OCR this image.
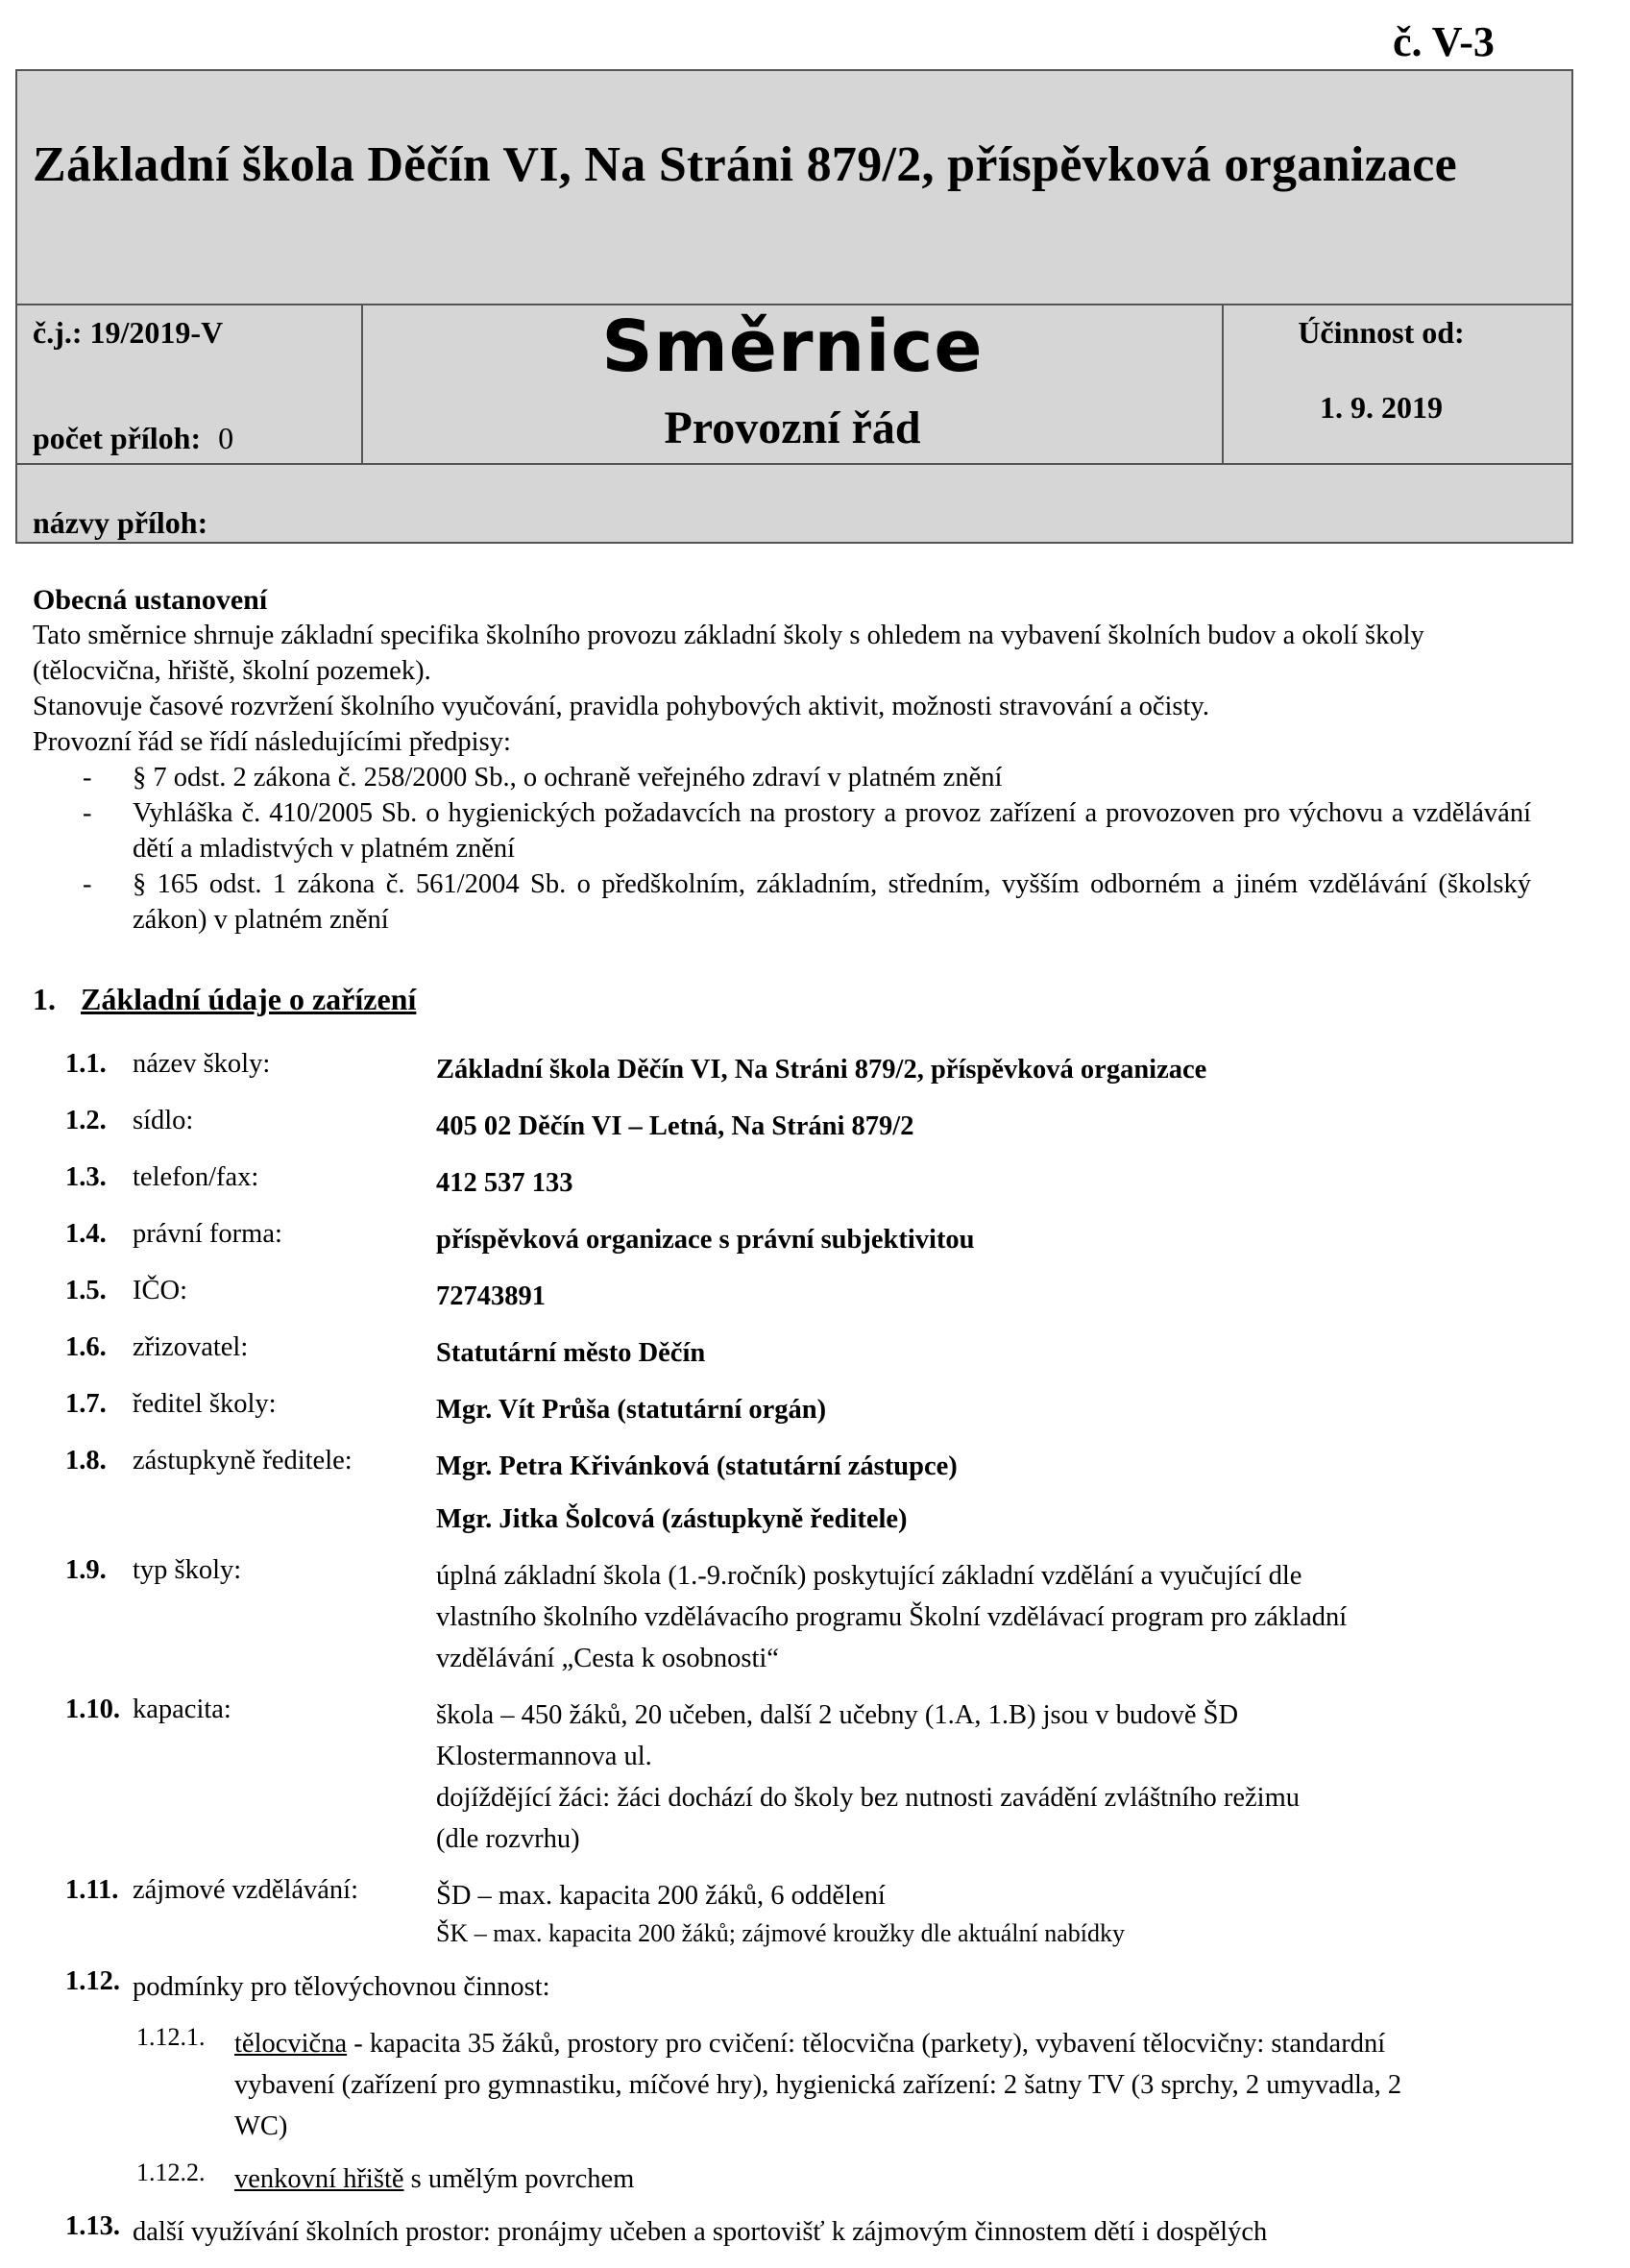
č. V-3
Základní škola Děčín VI, Na Stráni 879/2, příspěvková organizace
č.j.: 19/2019-V
počet příloh: 0
Směrnice
Provozní řád
Účinnost od:
1. 9. 2019
názvy příloh:
Obecná ustanovení

Tato směrnice shrnuje základní specifika školního provozu základní školy s ohledem na vybavení školních budov a okolí školy (tělocvična, hřiště, školní pozemek).

Stanovuje časové rozvržení školního vyučování, pravidla pohybových aktivit, možnosti stravování a očisty.

Provozní řád se řídí následujícími předpisy:

- § 7 odst. 2 zákona č. 258/2000 Sb., o ochraně veřejného zdraví v platném znění
- Vyhláška č. 410/2005 Sb. o hygienických požadavcích na prostory a provoz zařízení a provozoven pro výchovu a vzdělávání dětí a mladistvých v platném znění
- § 165 odst. 1 zákona č. 561/2004 Sb. o předškolním, základním, středním, vyšším odborném a jiném vzdělávání (školský zákon) v platném znění
1. Základní údaje o zařízení
1.1. název školy:	Základní škola Děčín VI, Na Stráni 879/2, příspěvková organizace
1.2. sídlo:	405 02 Děčín VI – Letná, Na Stráni 879/2
1.3. telefon/fax:	412 537 133
1.4. právní forma:	příspěvková organizace s právní subjektivitou
1.5. IČO:	72743891
1.6. zřizovatel:	Statutární město Děčín
1.7. ředitel školy:	Mgr. Vít Průša (statutární orgán)
1.8. zástupkyně ředitele:	Mgr. Petra Křivánková (statutární zástupce)
Mgr. Jitka Šolcová (zástupkyně ředitele)
1.9. typ školy:	úplná základní škola (1.-9.ročník) poskytující základní vzdělání a vyučující dle
vlastního školního vzdělávacího programu Školní vzdělávací program pro základní
vzdělávání „Cesta k osobnosti“
1.10. kapacita:	škola – 450 žáků, 20 učeben, další 2 učebny (1.A, 1.B) jsou v budově ŠD
Klostermannova ul.
dojíždějící žáci: žáci dochází do školy bez nutnosti zavádění zvláštního režimu
(dle rozvrhu)
1.11. zájmové vzdělávání:	ŠD – max. kapacita 200 žáků, 6 oddělení
ŠK – max. kapacita 200 žáků; zájmové kroužky dle aktuální nabídky
1.12. podmínky pro tělovýchovnou činnost:
1.12.1. tělocvična - kapacita 35 žáků, prostory pro cvičení: tělocvična (parkety), vybavení tělocvičny: standardní vybavení (zařízení pro gymnastiku, míčové hry), hygienická zařízení: 2 šatny TV (3 sprchy, 2 umyvadla, 2 WC)
1.12.2. venkovní hřiště s umělým povrchem
1.13. další využívání školních prostor: pronájmy učeben a sportovišť k zájmovým činnostem dětí i dospělých
